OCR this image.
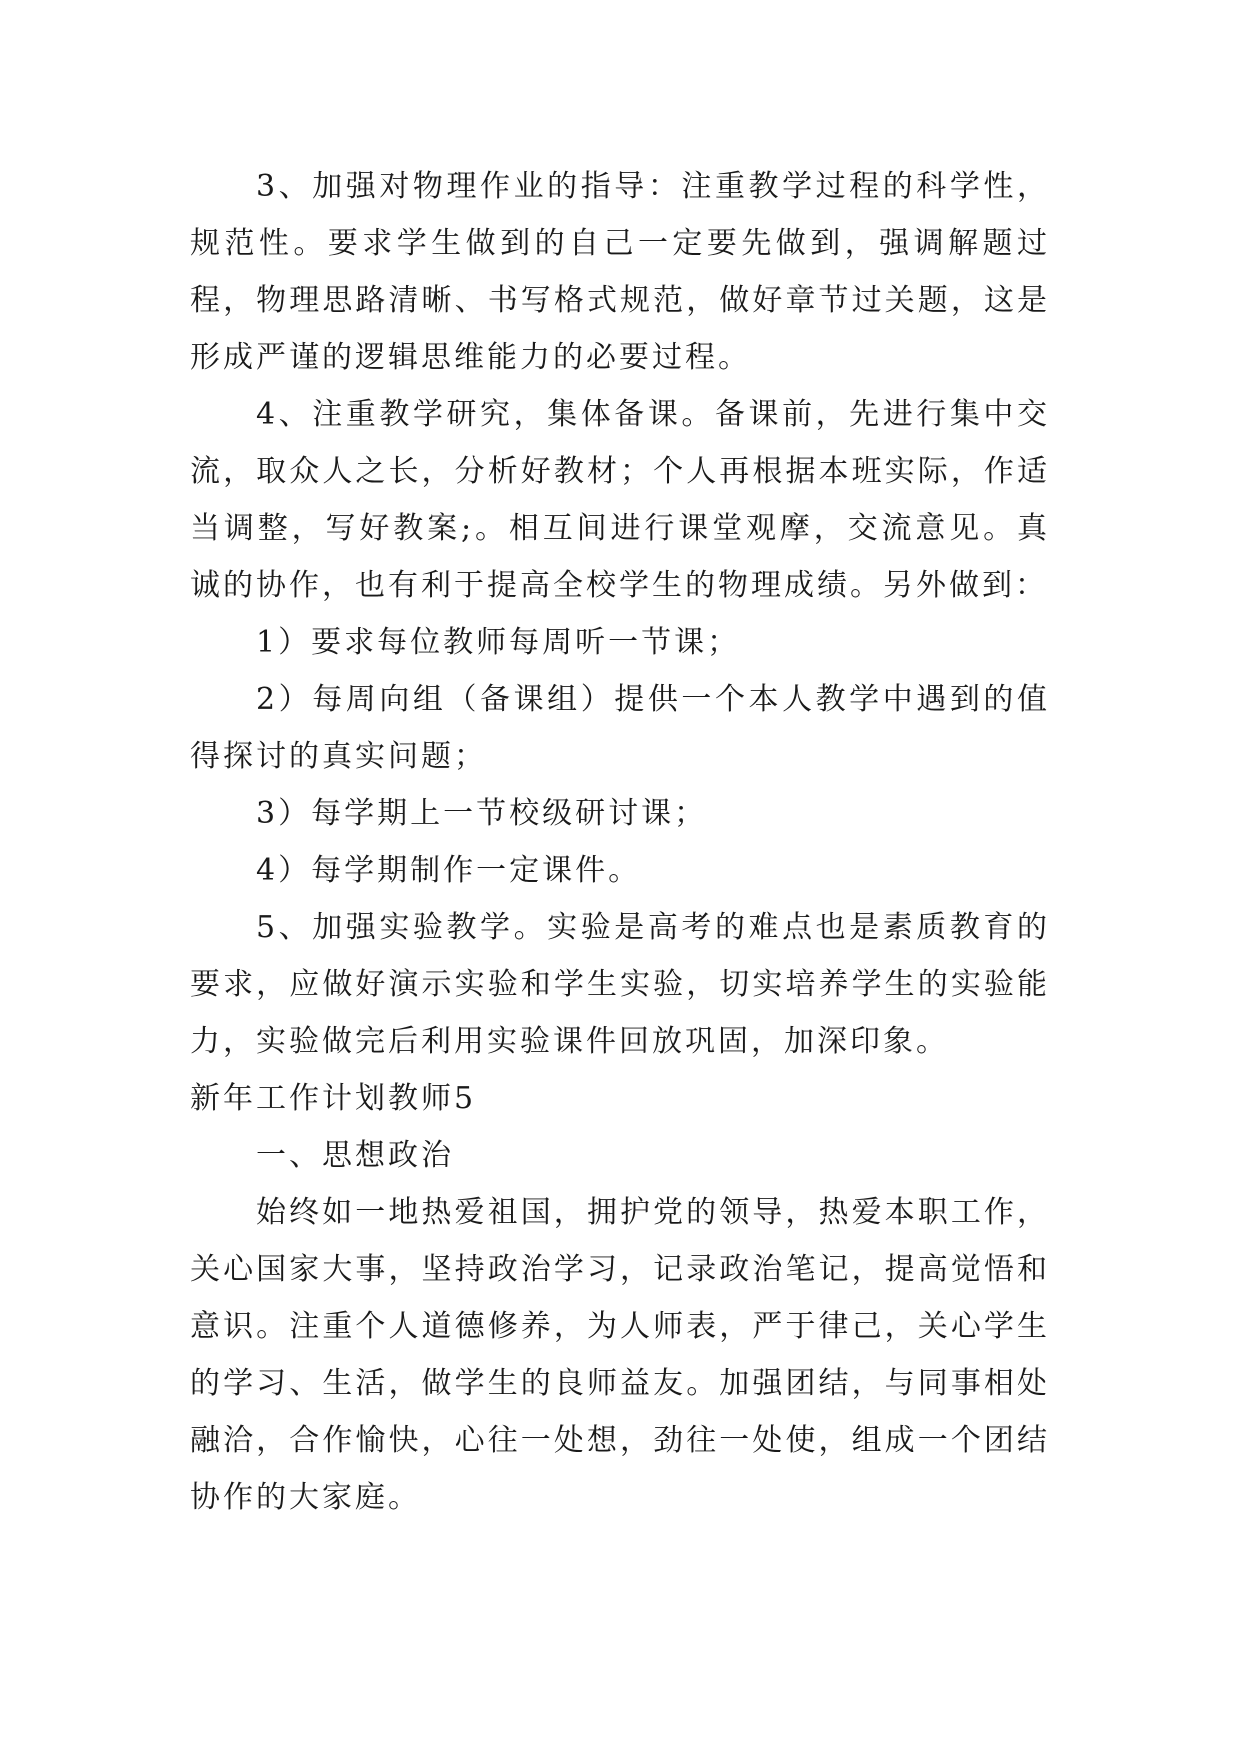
3、加强对物理作业的指导：注重教学过程的科学性，规范性。要求学生做到的自己一定要先做到，强调解题过程，物理思路清晰、书写格式规范，做好章节过关题，这是形成严谨的逻辑思维能力的必要过程。

4、注重教学研究，集体备课。备课前，先进行集中交流，取众人之长，分析好教材；个人再根据本班实际，作适当调整，写好教案;。相互间进行课堂观摩，交流意见。真诚的协作，也有利于提高全校学生的物理成绩。另外做到：

1）要求每位教师每周听一节课；

2）每周向组（备课组）提供一个本人教学中遇到的值得探讨的真实问题；

3）每学期上一节校级研讨课；

4）每学期制作一定课件。

5、加强实验教学。实验是高考的难点也是素质教育的要求，应做好演示实验和学生实验，切实培养学生的实验能力，实验做完后利用实验课件回放巩固，加深印象。

新年工作计划教师5

一、思想政治

始终如一地热爱祖国，拥护党的领导，热爱本职工作，关心国家大事，坚持政治学习，记录政治笔记，提高觉悟和意识。注重个人道德修养，为人师表，严于律己，关心学生的学习、生活，做学生的良师益友。加强团结，与同事相处融洽，合作愉快，心往一处想，劲往一处使，组成一个团结协作的大家庭。
